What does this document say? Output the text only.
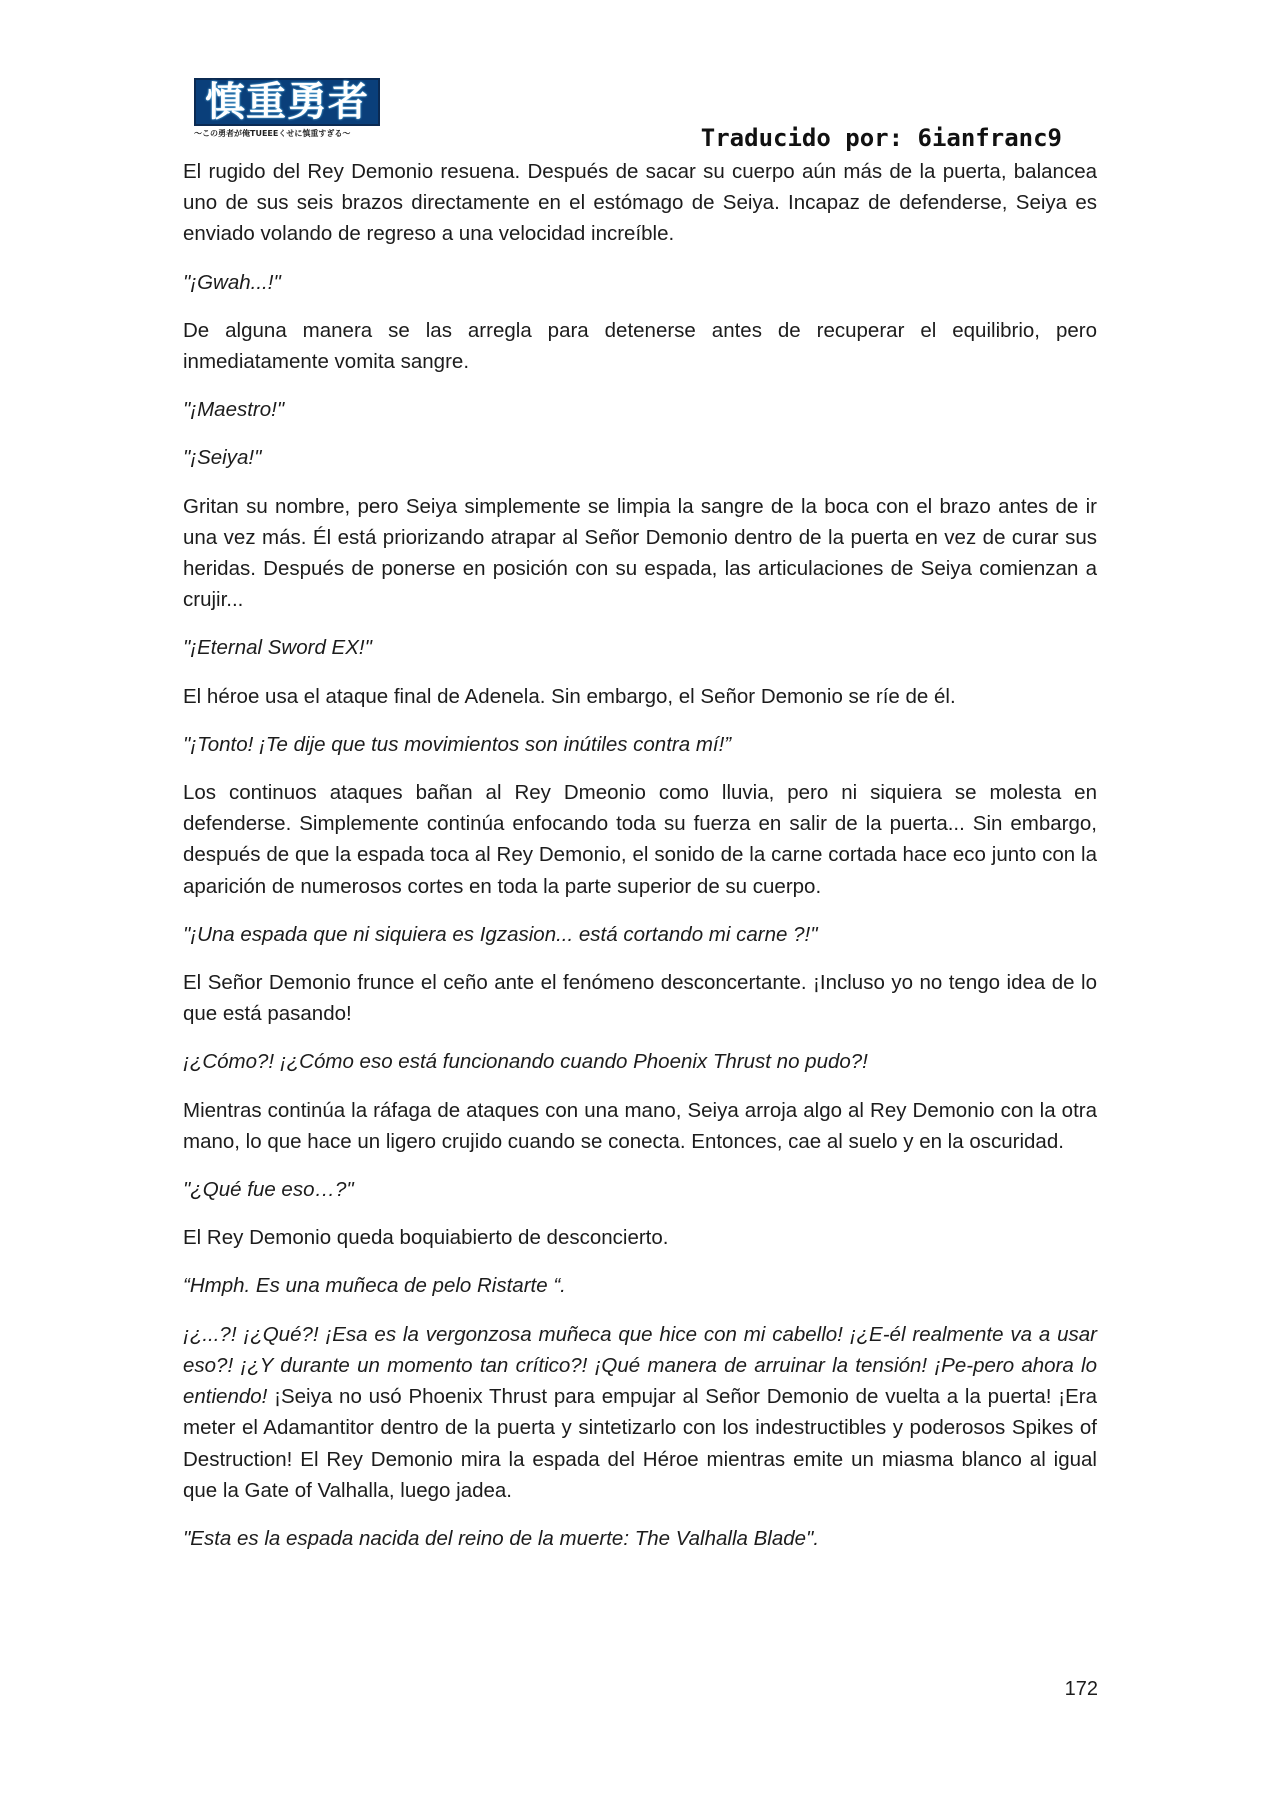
慎重勇者
〜この勇者が俺TUEEEくせに慎重すぎる〜	Traducido por: 6ianfranc9

El rugido del Rey Demonio resuena. Después de sacar su cuerpo aún más de la puerta, balancea uno de sus seis brazos directamente en el estómago de Seiya. Incapaz de defenderse, Seiya es enviado volando de regreso a una velocidad increíble.

"¡Gwah...!"

De alguna manera se las arregla para detenerse antes de recuperar el equilibrio, pero inmediatamente vomita sangre.

"¡Maestro!"

"¡Seiya!"

Gritan su nombre, pero Seiya simplemente se limpia la sangre de la boca con el brazo antes de ir una vez más. Él está priorizando atrapar al Señor Demonio dentro de la puerta en vez de curar sus heridas. Después de ponerse en posición con su espada, las articulaciones de Seiya comienzan a crujir...

"¡Eternal Sword EX!"

El héroe usa el ataque final de Adenela. Sin embargo, el Señor Demonio se ríe de él.

"¡Tonto! ¡Te dije que tus movimientos son inútiles contra mí!”

Los continuos ataques bañan al Rey Dmeonio como lluvia, pero ni siquiera se molesta en defenderse. Simplemente continúa enfocando toda su fuerza en salir de la puerta... Sin embargo, después de que la espada toca al Rey Demonio, el sonido de la carne cortada hace eco junto con la aparición de numerosos cortes en toda la parte superior de su cuerpo.

"¡Una espada que ni siquiera es Igzasion... está cortando mi carne ?!"

El Señor Demonio frunce el ceño ante el fenómeno desconcertante. ¡Incluso yo no tengo idea de lo que está pasando!

¡¿Cómo?! ¡¿Cómo eso está funcionando cuando Phoenix Thrust no pudo?!

Mientras continúa la ráfaga de ataques con una mano, Seiya arroja algo al Rey Demonio con la otra mano, lo que hace un ligero crujido cuando se conecta. Entonces, cae al suelo y en la oscuridad.

"¿Qué fue eso…?"

El Rey Demonio queda boquiabierto de desconcierto.

“Hmph. Es una muñeca de pelo Ristarte “.

¡¿...?! ¡¿Qué?! ¡Esa es la vergonzosa muñeca que hice con mi cabello! ¡¿E-él realmente va a usar eso?! ¡¿Y durante un momento tan crítico?! ¡Qué manera de arruinar la tensión! ¡Pe-pero ahora lo entiendo! ¡Seiya no usó Phoenix Thrust para empujar al Señor Demonio de vuelta a la puerta! ¡Era meter el Adamantitor dentro de la puerta y sintetizarlo con los indestructibles y poderosos Spikes of Destruction! El Rey Demonio mira la espada del Héroe mientras emite un miasma blanco al igual que la Gate of Valhalla, luego jadea.

"Esta es la espada nacida del reino de la muerte: The Valhalla Blade".

172
